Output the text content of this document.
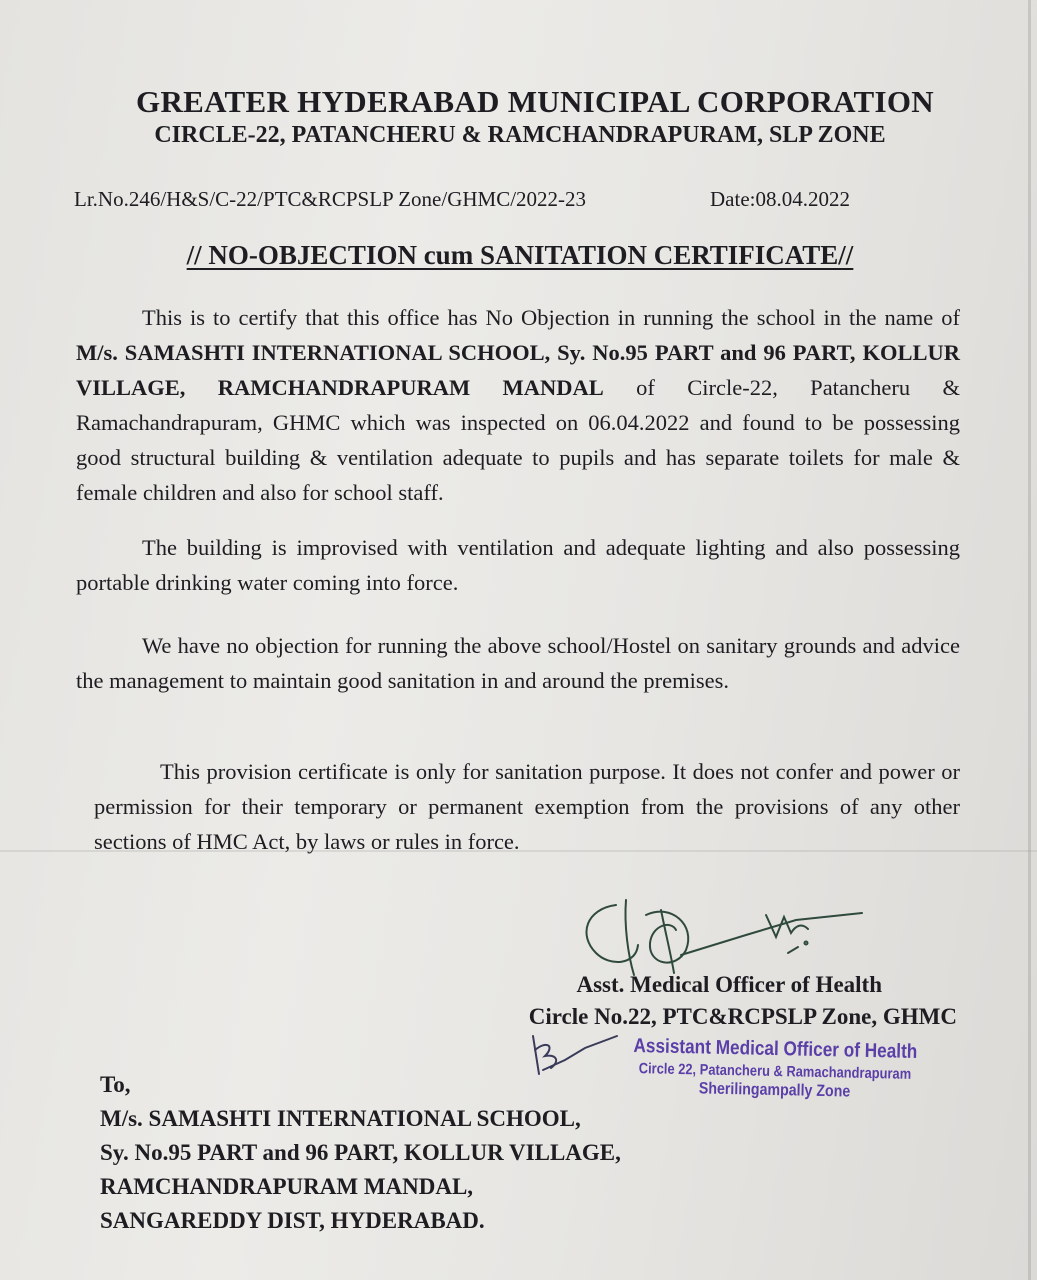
GREATER HYDERABAD MUNICIPAL CORPORATION
CIRCLE-22, PATANCHERU & RAMCHANDRAPURAM, SLP ZONE
Lr.No.246/H&S/C-22/PTC&RCPSLP Zone/GHMC/2022-23	Date:08.04.2022
// NO-OBJECTION cum SANITATION CERTIFICATE//

This is to certify that this office has No Objection in running the school in the name of M/s. SAMASHTI INTERNATIONAL SCHOOL, Sy. No.95 PART and 96 PART, KOLLUR VILLAGE, RAMCHANDRAPURAM MANDAL of Circle-22, Patancheru & Ramachandrapuram, GHMC which was inspected on 06.04.2022 and found to be possessing good structural building & ventilation adequate to pupils and has separate toilets for male & female children and also for school staff.

The building is improvised with ventilation and adequate lighting and also possessing portable drinking water coming into force.

We have no objection for running the above school/Hostel on sanitary grounds and advice the management to maintain good sanitation in and around the premises.

This provision certificate is only for sanitation purpose. It does not confer and power or permission for their temporary or permanent exemption from the provisions of any other sections of HMC Act, by laws or rules in force.

Asst. Medical Officer of Health
Circle No.22, PTC&RCPSLP Zone, GHMC
Assistant Medical Officer of Health
Circle 22, Patancheru & Ramachandrapuram
Sherilingampally Zone
To,
M/s. SAMASHTI INTERNATIONAL SCHOOL,
Sy. No.95 PART and 96 PART, KOLLUR VILLAGE,
RAMCHANDRAPURAM MANDAL,
SANGAREDDY DIST, HYDERABAD.
